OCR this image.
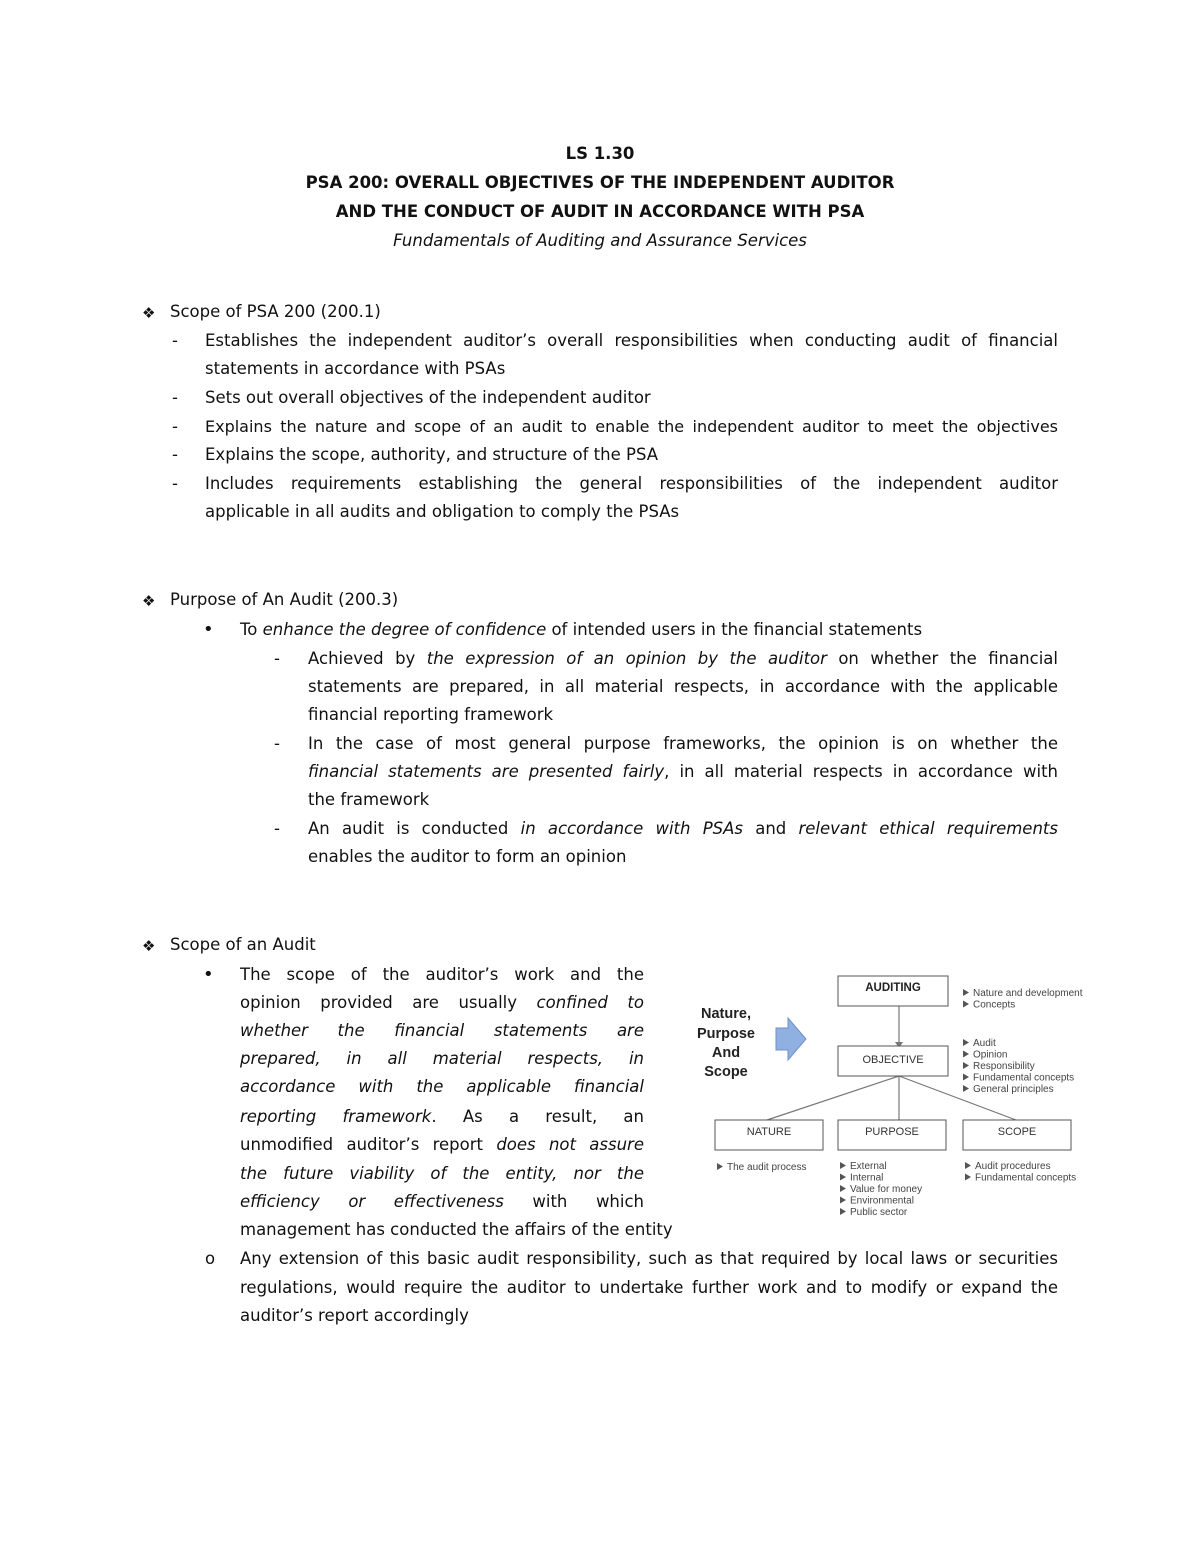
LS 1.30
PSA 200: OVERALL OBJECTIVES OF THE INDEPENDENT AUDITOR
AND THE CONDUCT OF AUDIT IN ACCORDANCE WITH PSA
Fundamentals of Auditing and Assurance Services
❖ Scope of PSA 200 (200.1)
- Establishes the independent auditor’s overall responsibilities when conducting audit of financial
statements in accordance with PSAs
- Sets out overall objectives of the independent auditor
- Explains the nature and scope of an audit to enable the independent auditor to meet the objectives
- Explains the scope, authority, and structure of the PSA
- Includes requirements establishing the general responsibilities of the independent auditor
applicable in all audits and obligation to comply the PSAs
❖ Purpose of An Audit (200.3)
• To enhance the degree of confidence of intended users in the financial statements
- Achieved by the expression of an opinion by the auditor on whether the financial
statements are prepared, in all material respects, in accordance with the applicable
financial reporting framework
- In the case of most general purpose frameworks, the opinion is on whether the
financial statements are presented fairly, in all material respects in accordance with
the framework
- An audit is conducted in accordance with PSAs and relevant ethical requirements
enables the auditor to form an opinion
❖ Scope of an Audit
• The scope of the auditor’s work and the
opinion provided are usually confined to
whether the financial statements are
prepared, in all material respects, in
accordance with the applicable financial
reporting framework. As a result, an
unmodified auditor’s report does not assure
the future viability of the entity, nor the
efficiency or effectiveness with which
management has conducted the affairs of the entity
o Any extension of this basic audit responsibility, such as that required by local laws or securities
regulations, would require the auditor to undertake further work and to modify or expand the
auditor’s report accordingly
Nature,
Purpose
And
Scope
AUDITING
OBJECTIVE
NATURE	PURPOSE	SCOPE
Nature and development
Concepts
Audit
Opinion
Responsibility
Fundamental concepts
General principles
The audit process	External
Internal
Value for money
Environmental
Public sector
Audit procedures
Fundamental concepts
